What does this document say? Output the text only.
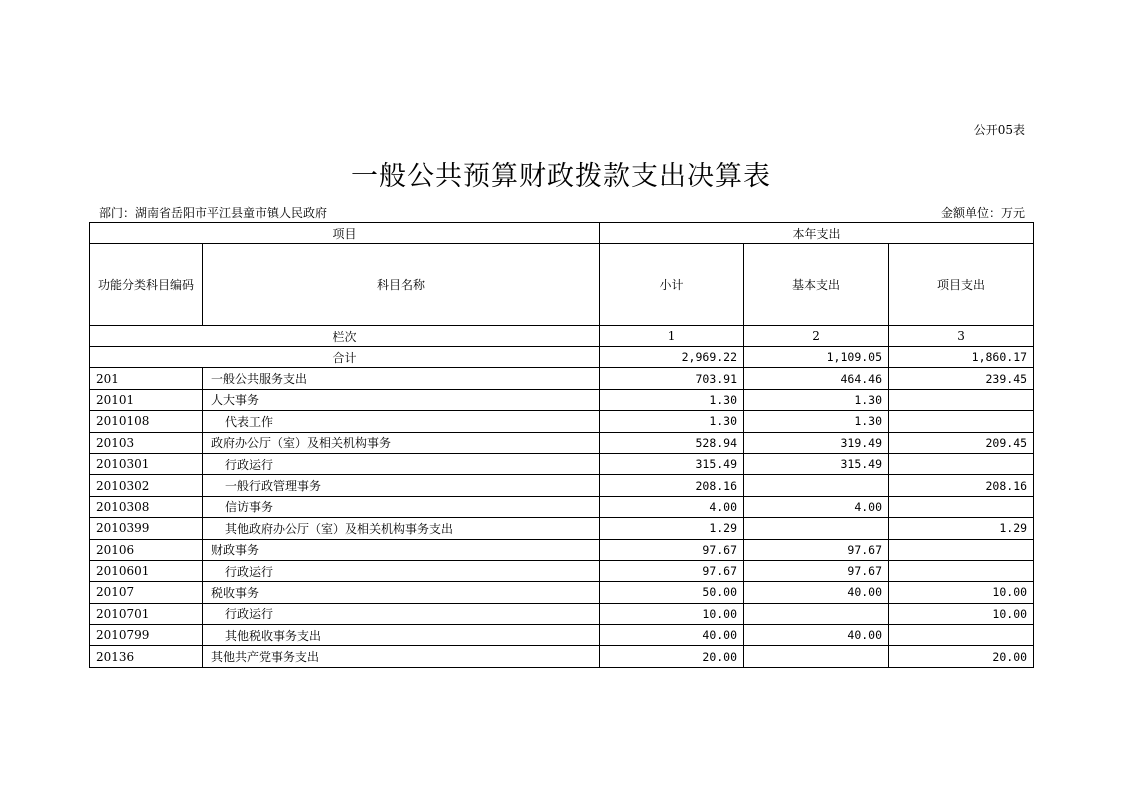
公开05表
一般公共预算财政拨款支出决算表
部门：湖南省岳阳市平江县童市镇人民政府	金额单位：万元
项目		本年支出		
功能分类科目编码	科目名称	小计	基本支出	项目支出
栏次		1	2	3
合计		2,969.22	1,109.05	1,860.17
201	一般公共服务支出	703.91	464.46	239.45
20101	人大事务	1.30	1.30	
2010108	代表工作	1.30	1.30	
20103	政府办公厅（室）及相关机构事务	528.94	319.49	209.45
2010301	行政运行	315.49	315.49	
2010302	一般行政管理事务	208.16		208.16
2010308	信访事务	4.00	4.00	
2010399	其他政府办公厅（室）及相关机构事务支出	1.29		1.29
20106	财政事务	97.67	97.67	
2010601	行政运行	97.67	97.67	
20107	税收事务	50.00	40.00	10.00
2010701	行政运行	10.00		10.00
2010799	其他税收事务支出	40.00	40.00	
20136	其他共产党事务支出	20.00		20.00
